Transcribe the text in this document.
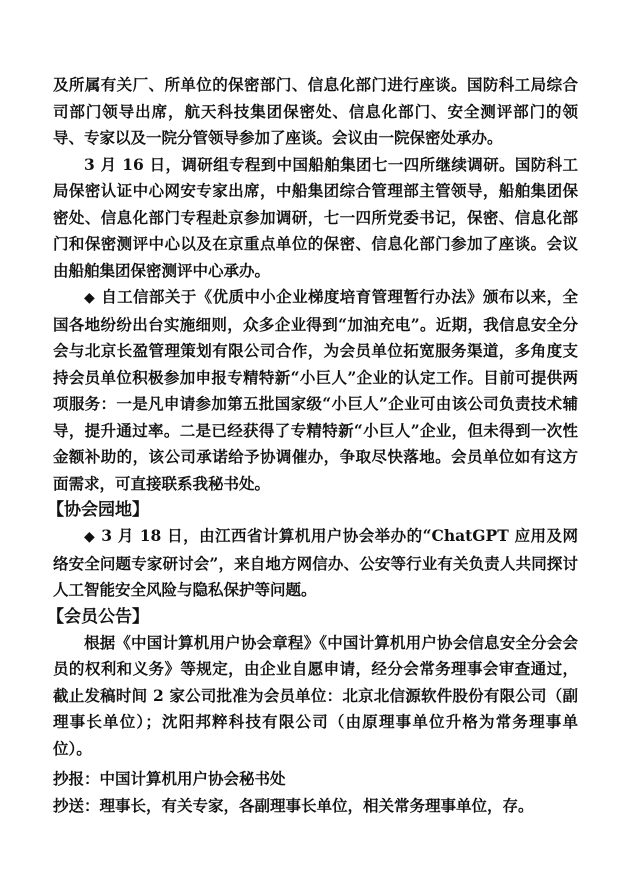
及所属有关厂、所单位的保密部门、信息化部门进行座谈。国防科工局综合司部门领导出席，航天科技集团保密处、信息化部门、安全测评部门的领导、专家以及一院分管领导参加了座谈。会议由一院保密处承办。

3 月 16 日，调研组专程到中国船舶集团七一四所继续调研。国防科工局保密认证中心网安专家出席，中船集团综合管理部主管领导，船舶集团保密处、信息化部门专程赴京参加调研，七一四所党委书记，保密、信息化部门和保密测评中心以及在京重点单位的保密、信息化部门参加了座谈。会议由船舶集团保密测评中心承办。

◆ 自工信部关于《优质中小企业梯度培育管理暂行办法》颁布以来，全国各地纷纷出台实施细则，众多企业得到“加油充电”。近期，我信息安全分会与北京长盈管理策划有限公司合作，为会员单位拓宽服务渠道，多角度支持会员单位积极参加申报专精特新“小巨人”企业的认定工作。目前可提供两项服务：一是凡申请参加第五批国家级“小巨人”企业可由该公司负责技术辅导，提升通过率。二是已经获得了专精特新“小巨人”企业，但未得到一次性金额补助的，该公司承诺给予协调催办，争取尽快落地。会员单位如有这方面需求，可直接联系我秘书处。

【协会园地】

◆ 3 月 18 日，由江西省计算机用户协会举办的“ChatGPT 应用及网络安全问题专家研讨会”，来自地方网信办、公安等行业有关负责人共同探讨人工智能安全风险与隐私保护等问题。

【会员公告】

根据《中国计算机用户协会章程》《中国计算机用户协会信息安全分会会员的权利和义务》等规定，由企业自愿申请，经分会常务理事会审查通过，截止发稿时间 2 家公司批准为会员单位：北京北信源软件股份有限公司（副理事长单位）；沈阳邦粹科技有限公司（由原理事单位升格为常务理事单位）。

抄报：中国计算机用户协会秘书处

抄送：理事长，有关专家，各副理事长单位，相关常务理事单位，存。
